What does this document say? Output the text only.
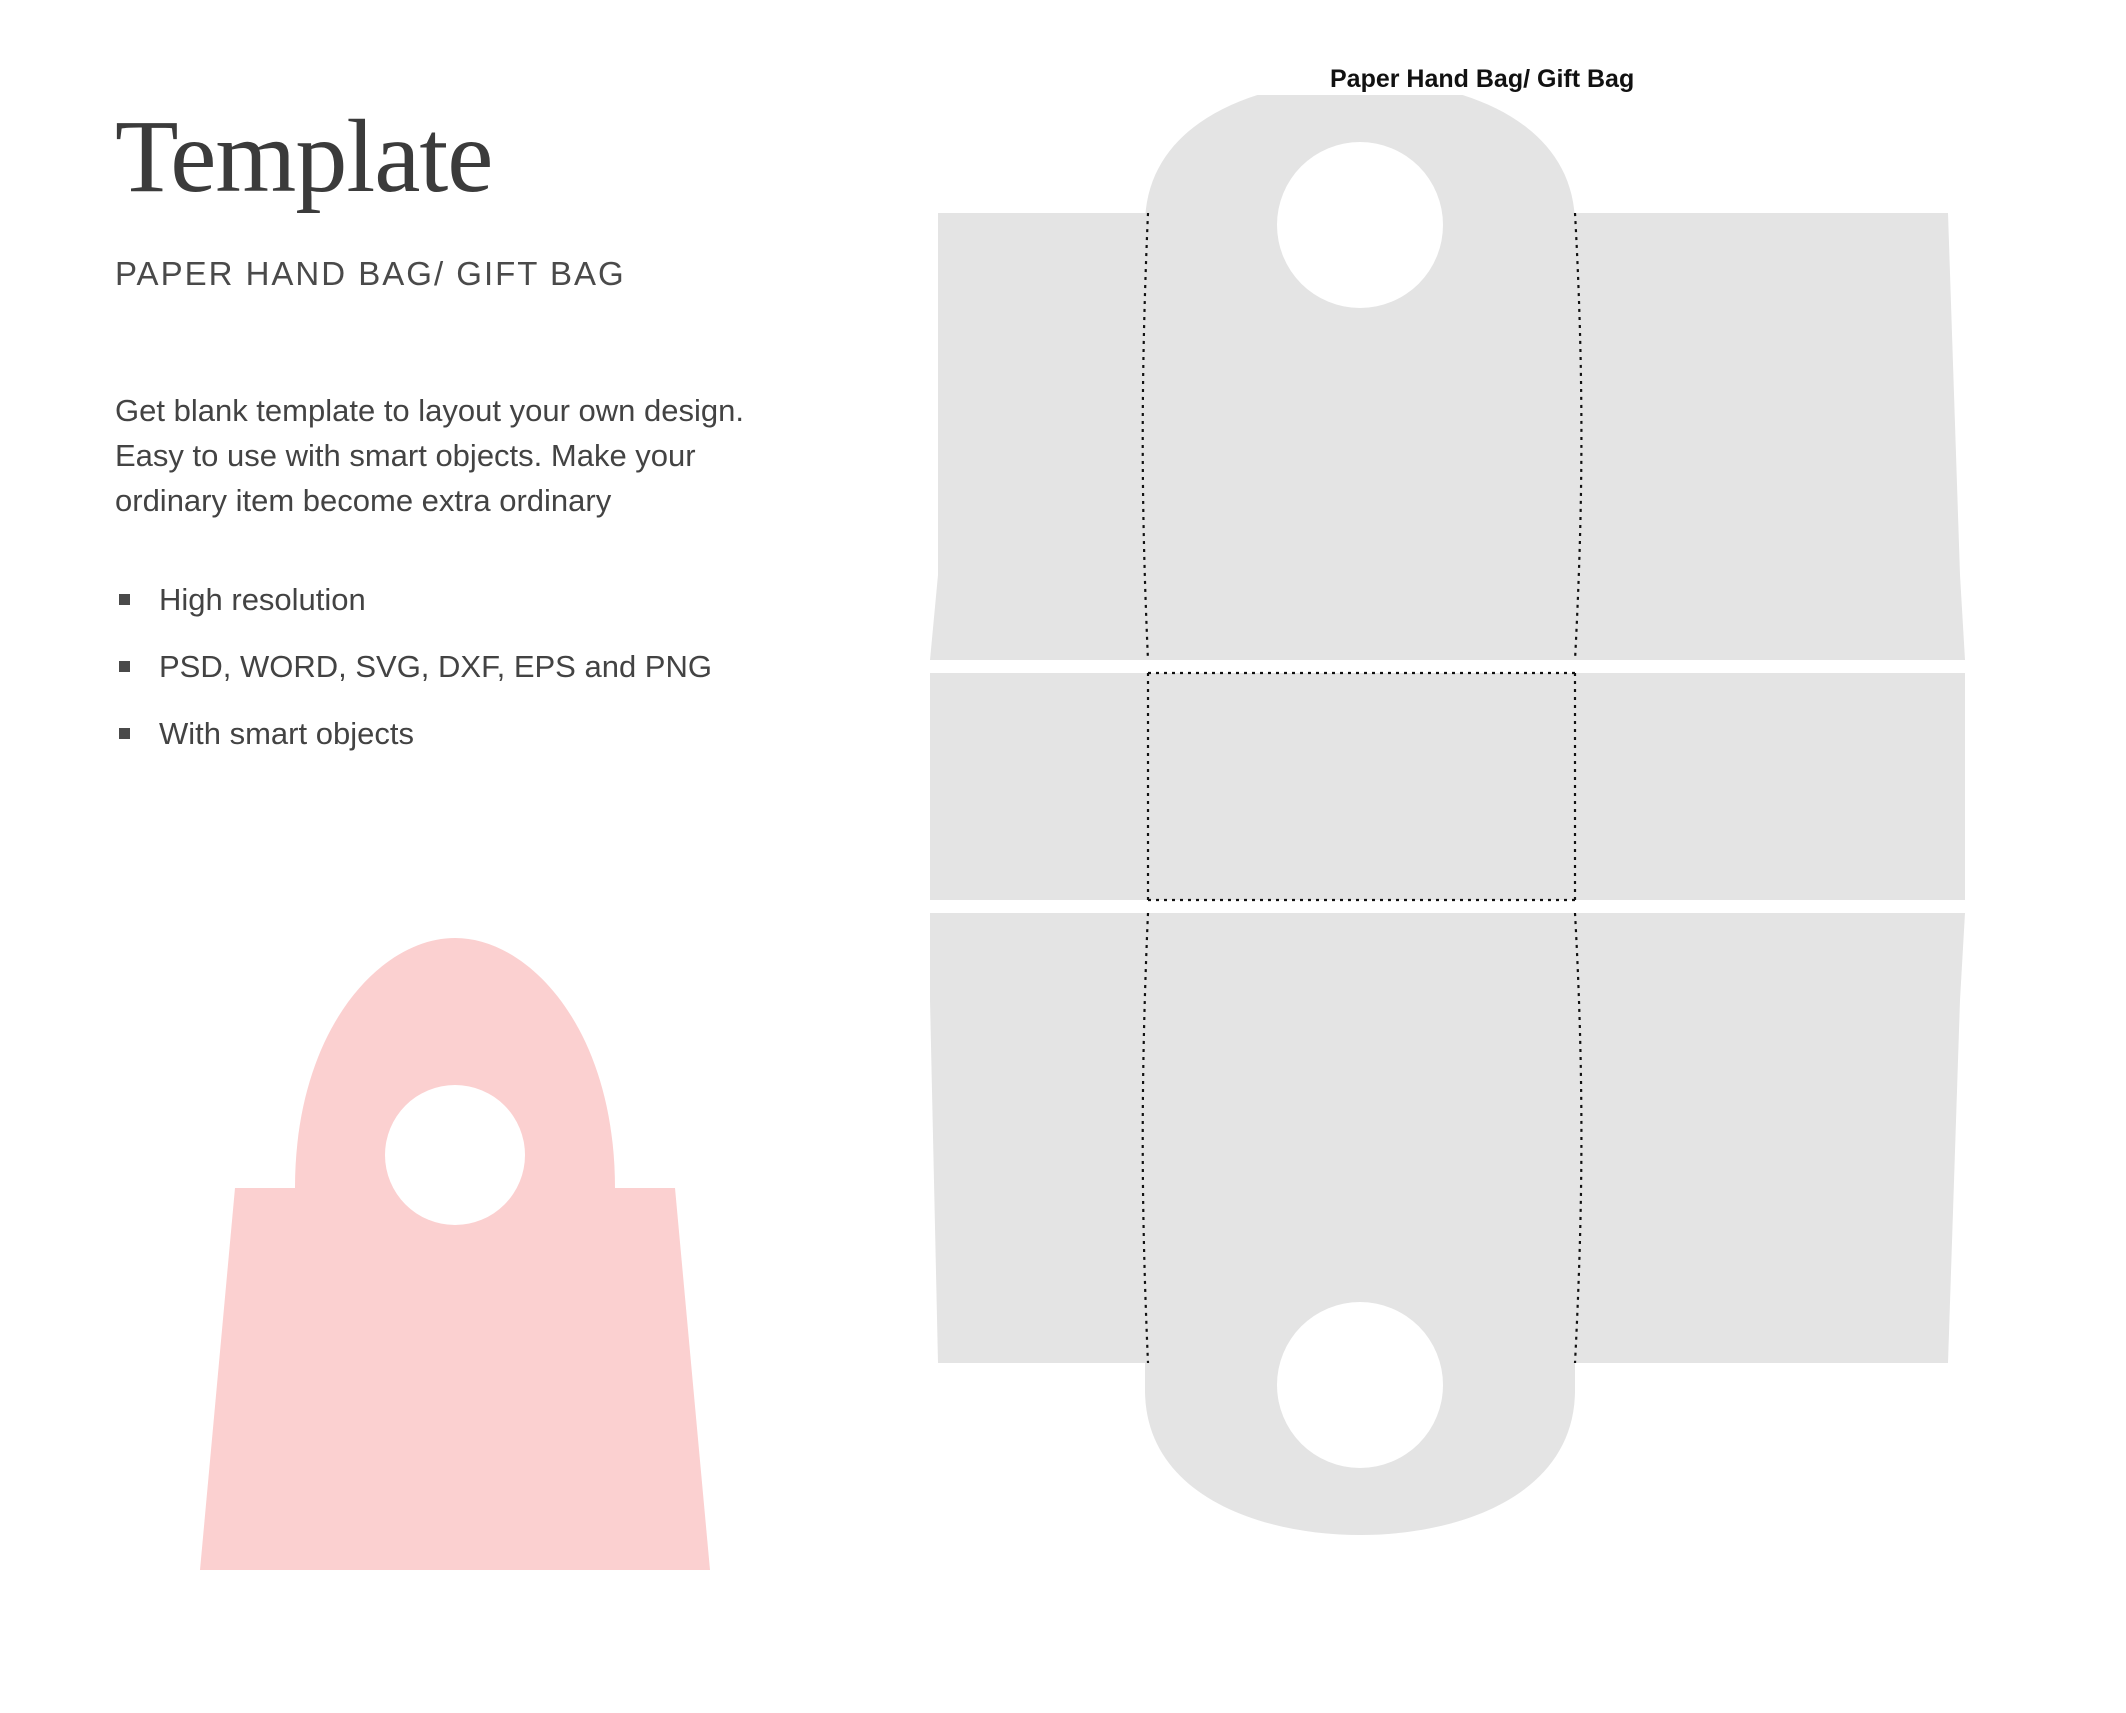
Template
PAPER HAND BAG/ GIFT BAG
Get blank template to layout your own design. Easy to use with smart objects. Make your ordinary item become extra ordinary
High resolution
PSD, WORD, SVG, DXF, EPS and PNG
With smart objects
Paper Hand Bag/ Gift Bag
